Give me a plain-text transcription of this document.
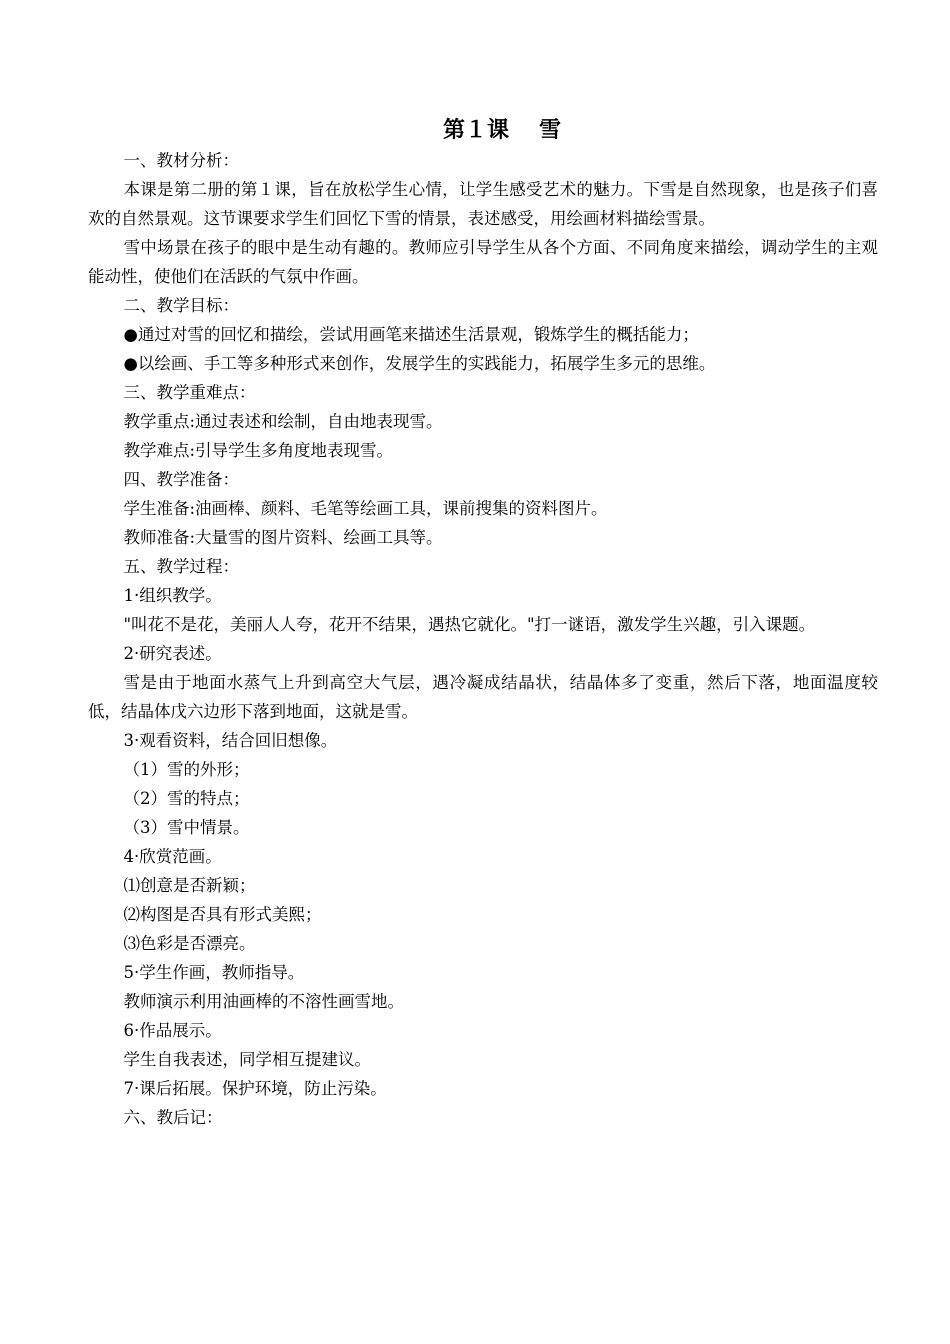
第１课 雪

一、教材分析：

本课是第二册的第１课，旨在放松学生心情，让学生感受艺术的魅力。下雪是自然现象，也是孩子们喜欢的自然景观。这节课要求学生们回忆下雪的情景，表述感受，用绘画材料描绘雪景。

雪中场景在孩子的眼中是生动有趣的。教师应引导学生从各个方面、不同角度来描绘，调动学生的主观能动性，使他们在活跃的气氛中作画。

二、教学目标：

●通过对雪的回忆和描绘，尝试用画笔来描述生活景观，锻炼学生的概括能力；

●以绘画、手工等多种形式来创作，发展学生的实践能力，拓展学生多元的思维。

三、教学重难点：

教学重点:通过表述和绘制，自由地表现雪。

教学难点:引导学生多角度地表现雪。

四、教学准备：

学生准备:油画棒、颜料、毛笔等绘画工具，课前搜集的资料图片。

教师准备:大量雪的图片资料、绘画工具等。

五、教学过程：

1·组织教学。

"叫花不是花，美丽人人夸，花开不结果，遇热它就化。"打一谜语，激发学生兴趣，引入课题。

2·研究表述。

雪是由于地面水蒸气上升到高空大气层，遇冷凝成结晶状，结晶体多了变重，然后下落，地面温度较低，结晶体戊六边形下落到地面，这就是雪。

3·观看资料，结合回旧想像。

（1）雪的外形；

（2）雪的特点；

（3）雪中情景。

4·欣赏范画。

⑴创意是否新颖；

⑵构图是否具有形式美熙；

⑶色彩是否漂亮。

5·学生作画，教师指导。

教师演示利用油画棒的不溶性画雪地。

6·作品展示。

学生自我表述，同学相互提建议。

7·课后拓展。保护环境，防止污染。

六、教后记：
